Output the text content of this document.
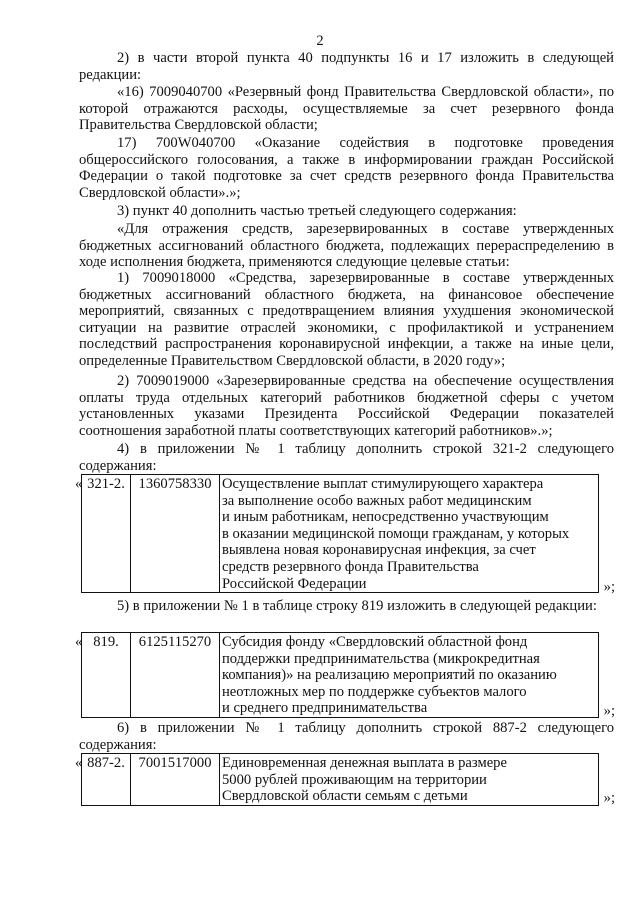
2

2) в части второй пункта 40 подпункты 16 и 17 изложить в следующей редакции:

«16) 7009040700 «Резервный фонд Правительства Свердловской области», по которой отражаются расходы, осуществляемые за счет резервного фонда Правительства Свердловской области;

17) 700W040700 «Оказание содействия в подготовке проведения общероссийского голосования, а также в информировании граждан Российской Федерации о такой подготовке за счет средств резервного фонда Правительства Свердловской области».»;

3) пункт 40 дополнить частью третьей следующего содержания:

«Для отражения средств, зарезервированных в составе утвержденных бюджетных ассигнований областного бюджета, подлежащих перераспределению в ходе исполнения бюджета, применяются следующие целевые статьи:

1) 7009018000 «Средства, зарезервированные в составе утвержденных бюджетных ассигнований областного бюджета, на финансовое обеспечение мероприятий, связанных с предотвращением влияния ухудшения экономической ситуации на развитие отраслей экономики, с профилактикой и устранением последствий распространения коронавирусной инфекции, а также на иные цели, определенные Правительством Свердловской области, в 2020 году»;

2) 7009019000 «Зарезервированные средства на обеспечение осуществления оплаты труда отдельных категорий работников бюджетной сферы с учетом установленных указами Президента Российской Федерации показателей соотношения заработной платы соответствующих категорий работников».»;

4) в приложении № 1 таблицу дополнить строкой 321-2 следующего содержания:

« 321-2.	1360758330	Осуществление выплат стимулирующего характера
за выполнение особо важных работ медицинским
и иным работникам, непосредственно участвующим
в оказании медицинской помощи гражданам, у которых
выявлена новая коронавирусная инфекция, за счет
средств резервного фонда Правительства
Российской Федерации	»;

5) в приложении № 1 в таблице строку 819 изложить в следующей редакции:

« 819.	6125115270	Субсидия фонду «Свердловский областной фонд
поддержки предпринимательства (микрокредитная
компания)» на реализацию мероприятий по оказанию
неотложных мер по поддержке субъектов малого
и среднего предпринимательства	»;

6) в приложении № 1 таблицу дополнить строкой 887-2 следующего содержания:

« 887-2.	7001517000	Единовременная денежная выплата в размере
5000 рублей проживающим на территории
Свердловской области семьям с детьми	»;
